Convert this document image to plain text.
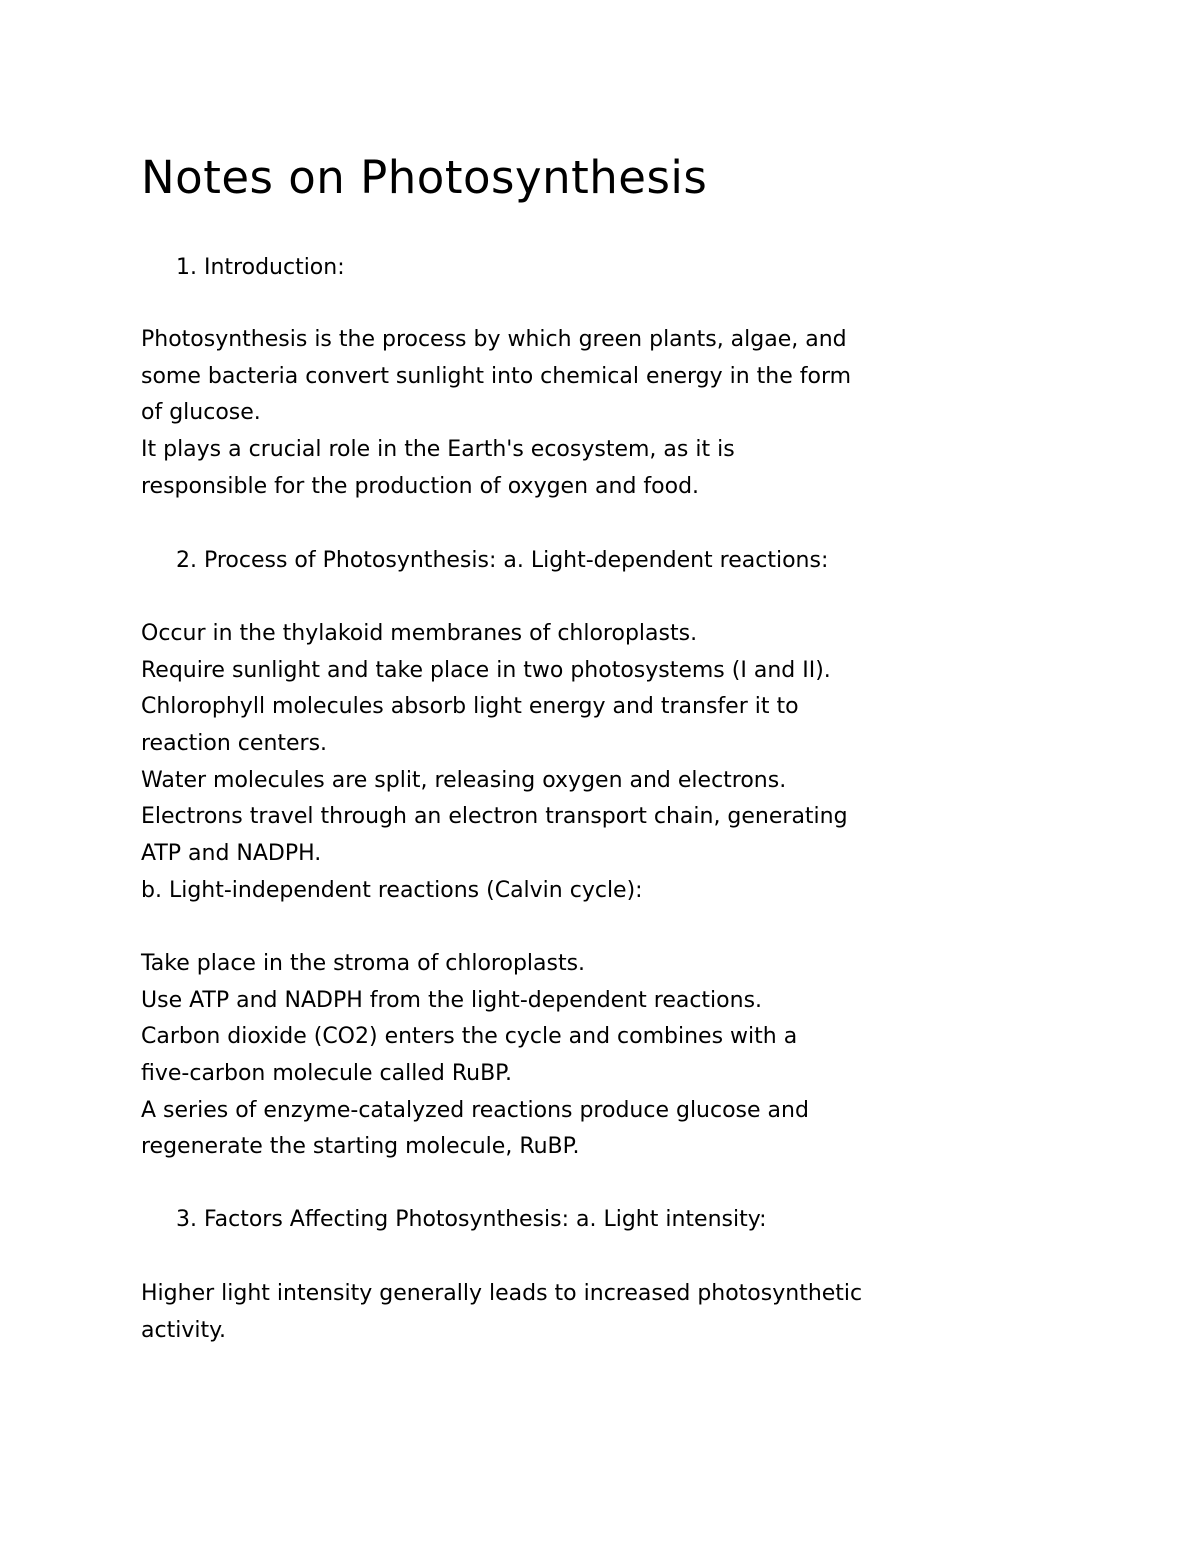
Notes on Photosynthesis
1. Introduction:
Photosynthesis is the process by which green plants, algae, and
some bacteria convert sunlight into chemical energy in the form
of glucose.
It plays a crucial role in the Earth's ecosystem, as it is
responsible for the production of oxygen and food.
2. Process of Photosynthesis: a. Light-dependent reactions:
Occur in the thylakoid membranes of chloroplasts.
Require sunlight and take place in two photosystems (I and II).
Chlorophyll molecules absorb light energy and transfer it to
reaction centers.
Water molecules are split, releasing oxygen and electrons.
Electrons travel through an electron transport chain, generating
ATP and NADPH.
b. Light-independent reactions (Calvin cycle):
Take place in the stroma of chloroplasts.
Use ATP and NADPH from the light-dependent reactions.
Carbon dioxide (CO2) enters the cycle and combines with a
five-carbon molecule called RuBP.
A series of enzyme-catalyzed reactions produce glucose and
regenerate the starting molecule, RuBP.
3. Factors Affecting Photosynthesis: a. Light intensity:
Higher light intensity generally leads to increased photosynthetic
activity.
